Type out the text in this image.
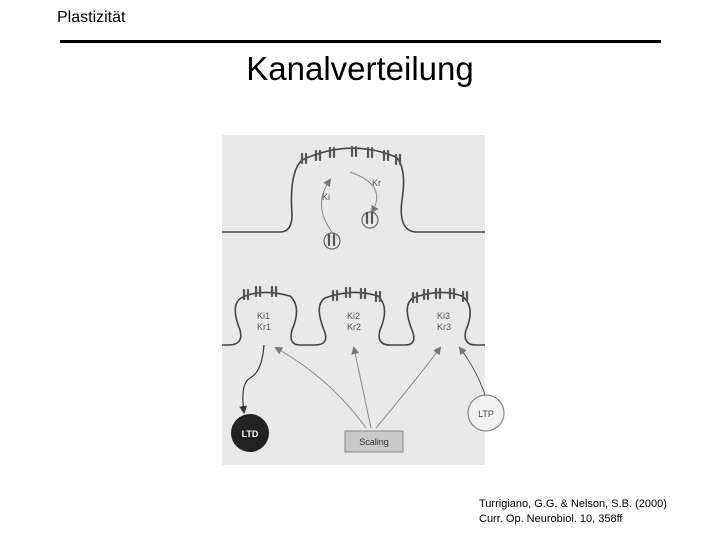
Plastizität
Kanalverteilung
Ki
Kr
Ki1
Kr1
Ki2
Kr2
Ki3
Kr3
LTD
Scaling
LTP
Turrigiano, G.G. & Nelson, S.B. (2000)
Curr. Op. Neurobiol. 10, 358ff
